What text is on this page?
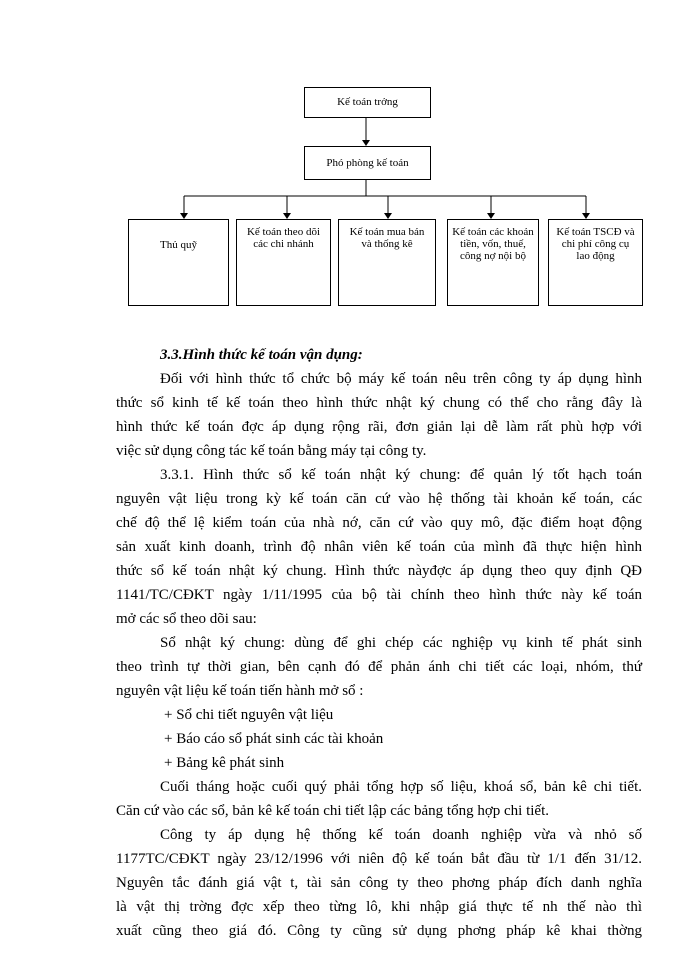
Kế toán trởng
Phó phòng kế toán
Thủ quỹ
Kế toán theo dõi các chi nhánh
Kế toán mua bán và thống kê
Kế toán các khoản tiền, vốn, thuế, công nợ nội bộ
Kế toán TSCĐ và chi phí công cụ lao động
3.3.Hình thức kế toán vận dụng:
Đối với hình thức tổ chức bộ máy kế toán nêu trên công ty áp dụng hình
thức sổ kinh tế kế toán theo hình thức nhật ký chung có thể cho rằng đây là
hình thức kế toán đợc áp dụng rộng rãi, đơn giản lại dễ làm rất phù hợp với
việc sử dụng công tác kế toán bằng máy tại công ty.
3.3.1. Hình thức sổ kế toán nhật ký chung: để quản lý tốt hạch toán
nguyên vật liệu trong kỳ kế toán căn cứ vào hệ thống tài khoản kế toán, các
chế độ thể lệ kiểm toán của nhà nớ, căn cứ vào quy mô, đặc điểm hoạt động
sản xuất kinh doanh, trình độ nhân viên kế toán của mình đã thực hiện hình
thức sổ kế toán nhật ký chung. Hình thức nàyđợc áp dụng theo quy định QĐ
1141/TC/CĐKT ngày 1/11/1995 của bộ tài chính theo hình thức này kế toán
mở các sổ theo dõi sau:
Sổ nhật ký chung: dùng để ghi chép các nghiệp vụ kinh tế phát sinh
theo trình tự thời gian, bên cạnh đó để phản ánh chi tiết các loại, nhóm, thứ
nguyên vật liệu kế toán tiến hành mở sổ :
+ Sổ chi tiết nguyên vật liệu
+ Báo cáo sổ phát sinh các tài khoản
+ Bảng kê phát sinh
Cuối tháng hoặc cuối quý phải tổng hợp số liệu, khoá sổ, bản kê chi tiết.
Căn cứ vào các sổ, bản kê kế toán chi tiết lập các bảng tổng hợp chi tiết.
Công ty áp dụng hệ thống kế toán doanh nghiệp vừa và nhỏ số
1177TC/CĐKT ngày 23/12/1996 với niên độ kế toán bắt đầu từ 1/1 đến 31/12.
Nguyên tắc đánh giá vật t, tài sản công ty theo phơng pháp đích danh nghĩa
là vật thị trờng đợc xếp theo từng lô, khi nhập giá thực tế nh thế nào thì
xuất cũng theo giá đó. Công ty cũng sử dụng phơng pháp kê khai thờng
